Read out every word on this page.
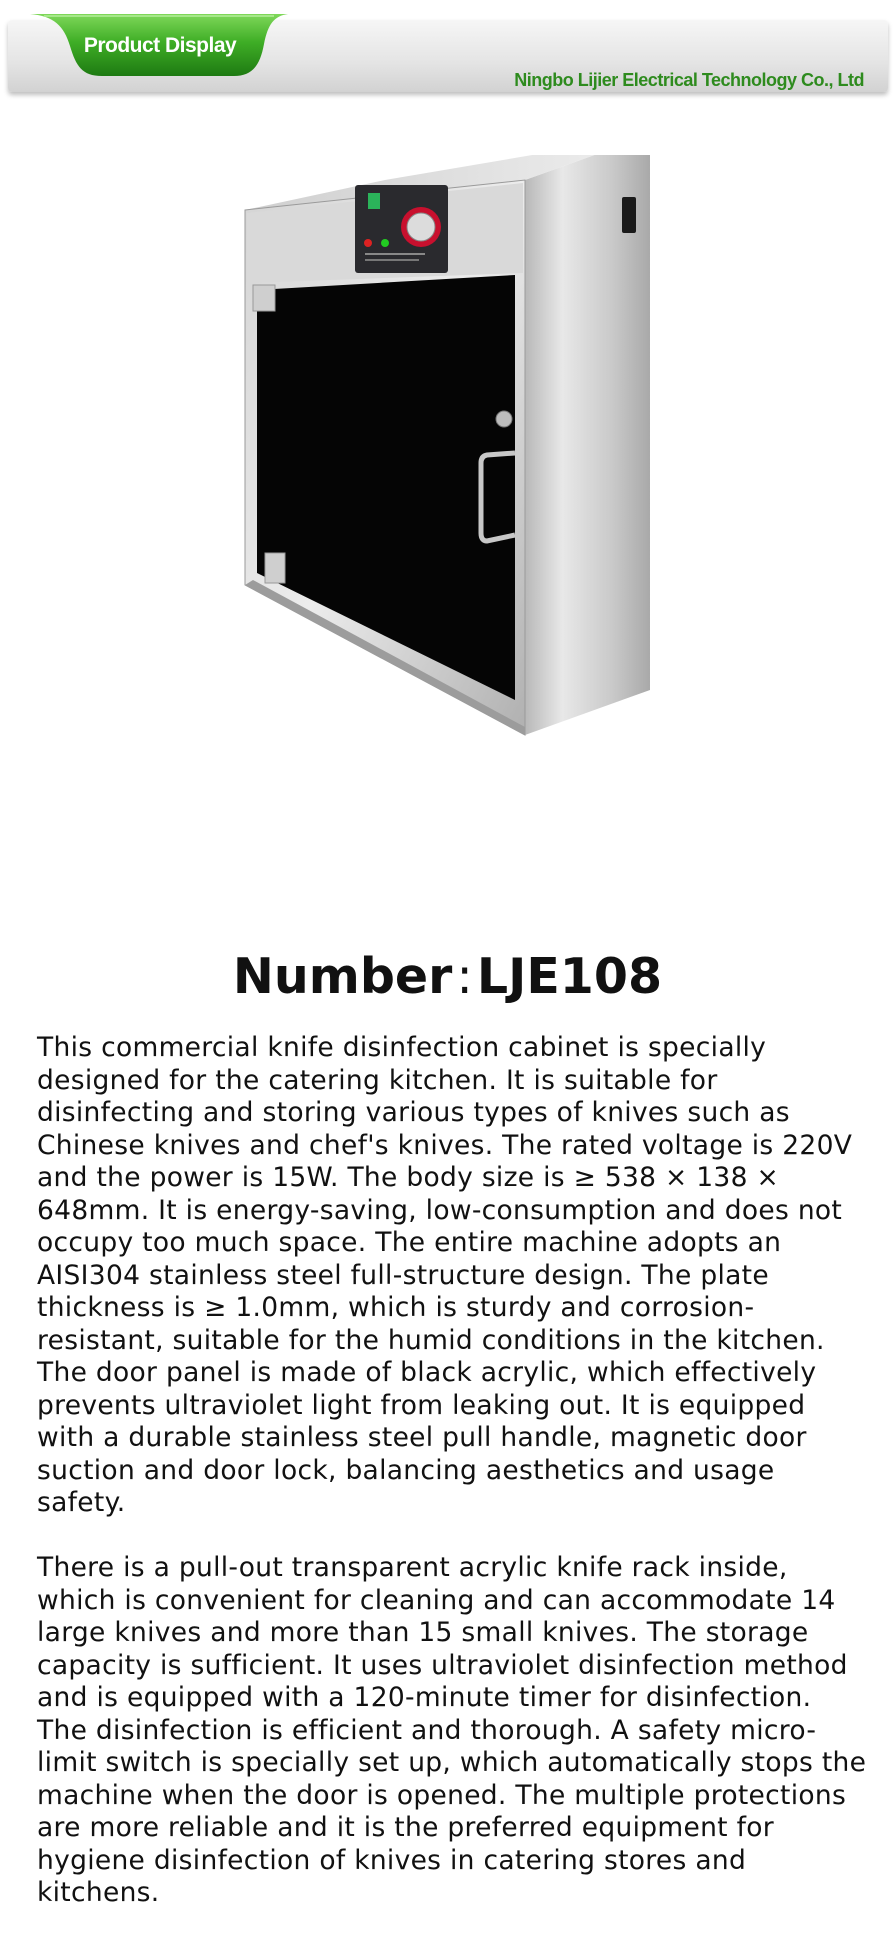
Ningbo Lijier Electrical Technology Co., Ltd
Product Display
Number:LJE108

This commercial knife disinfection cabinet is specially designed for the catering kitchen. It is suitable for disinfecting and storing various types of knives such as Chinese knives and chef's knives. The rated voltage is 220V and the power is 15W. The body size is ≥ 538 × 138 × 648mm. It is energy-saving, low-consumption and does not occupy too much space. The entire machine adopts an AISI304 stainless steel full-structure design. The plate thickness is ≥ 1.0mm, which is sturdy and corrosion-resistant, suitable for the humid conditions in the kitchen. The door panel is made of black acrylic, which effectively prevents ultraviolet light from leaking out. It is equipped with a durable stainless steel pull handle, magnetic door suction and door lock, balancing aesthetics and usage safety.

There is a pull-out transparent acrylic knife rack inside, which is convenient for cleaning and can accommodate 14 large knives and more than 15 small knives. The storage capacity is sufficient. It uses ultraviolet disinfection method and is equipped with a 120-minute timer for disinfection. The disinfection is efficient and thorough. A safety micro-limit switch is specially set up, which automatically stops the machine when the door is opened. The multiple protections are more reliable and it is the preferred equipment for hygiene disinfection of knives in catering stores and kitchens.
